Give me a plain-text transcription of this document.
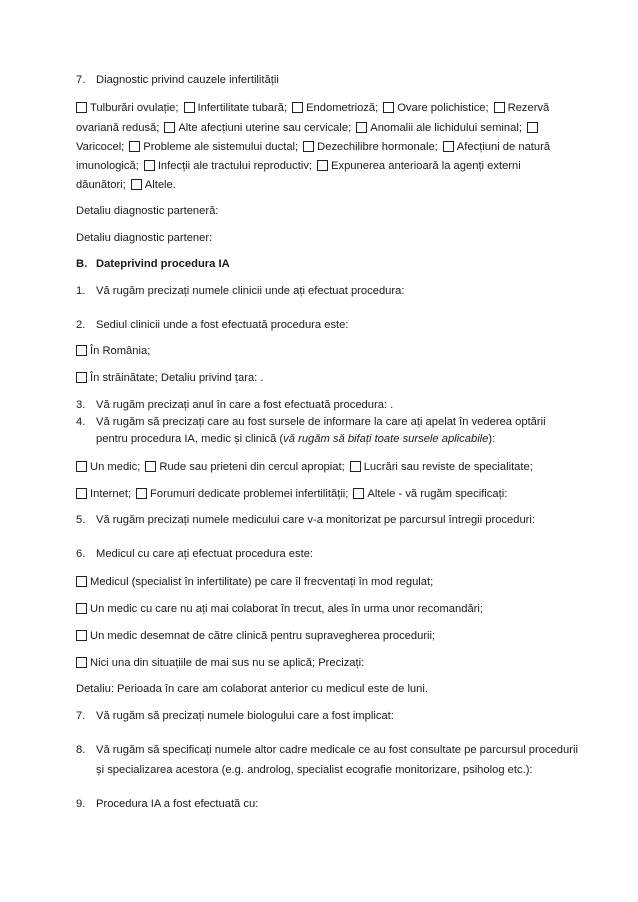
7. Diagnostic privind cauzele infertilității
Tulburări ovulație; Infertilitate tubară; Endometrioză; Ovare polichistice; Rezervă
ovariană redusă; Alte afecțiuni uterine sau cervicale; Anomalii ale lichidului seminal;
Varicocel; Probleme ale sistemului ductal; Dezechilibre hormonale; Afecțiuni de natură
imunologică; Infecții ale tractului reproductiv; Expunerea anterioară la agenți externi
dăunători; Altele.
Detaliu diagnostic parteneră:
Detaliu diagnostic partener:
B. Dateprivind procedura IA
1. Vă rugăm precizați numele clinicii unde ați efectuat procedura:
2. Sediul clinicii unde a fost efectuată procedura este:
În România;
În străinătate; Detaliu privind țara: .
3. Vă rugăm precizați anul în care a fost efectuată procedura: .
4. Vă rugăm să precizați care au fost sursele de informare la care ați apelat în vederea optării
pentru procedura IA, medic și clinică (vă rugăm să bifați toate sursele aplicabile):
Un medic; Rude sau prieteni din cercul apropiat; Lucrări sau reviste de specialitate;
Internet; Forumuri dedicate problemei infertilității; Altele - vă rugăm specificați:
5. Vă rugăm precizați numele medicului care v-a monitorizat pe parcursul întregii proceduri:
6. Medicul cu care ați efectuat procedura este:
Medicul (specialist în infertilitate) pe care îl frecventați în mod regulat;
Un medic cu care nu ați mai colaborat în trecut, ales în urma unor recomandări;
Un medic desemnat de către clinică pentru supravegherea procedurii;
Nici una din situațiile de mai sus nu se aplică; Precizați:
Detaliu: Perioada în care am colaborat anterior cu medicul este de luni.
7. Vă rugăm să precizați numele biologului care a fost implicat:
8. Vă rugăm să specificați numele altor cadre medicale ce au fost consultate pe parcursul procedurii
și specializarea acestora (e.g. androlog, specialist ecografie monitorizare, psiholog etc.):
9. Procedura IA a fost efectuată cu:
